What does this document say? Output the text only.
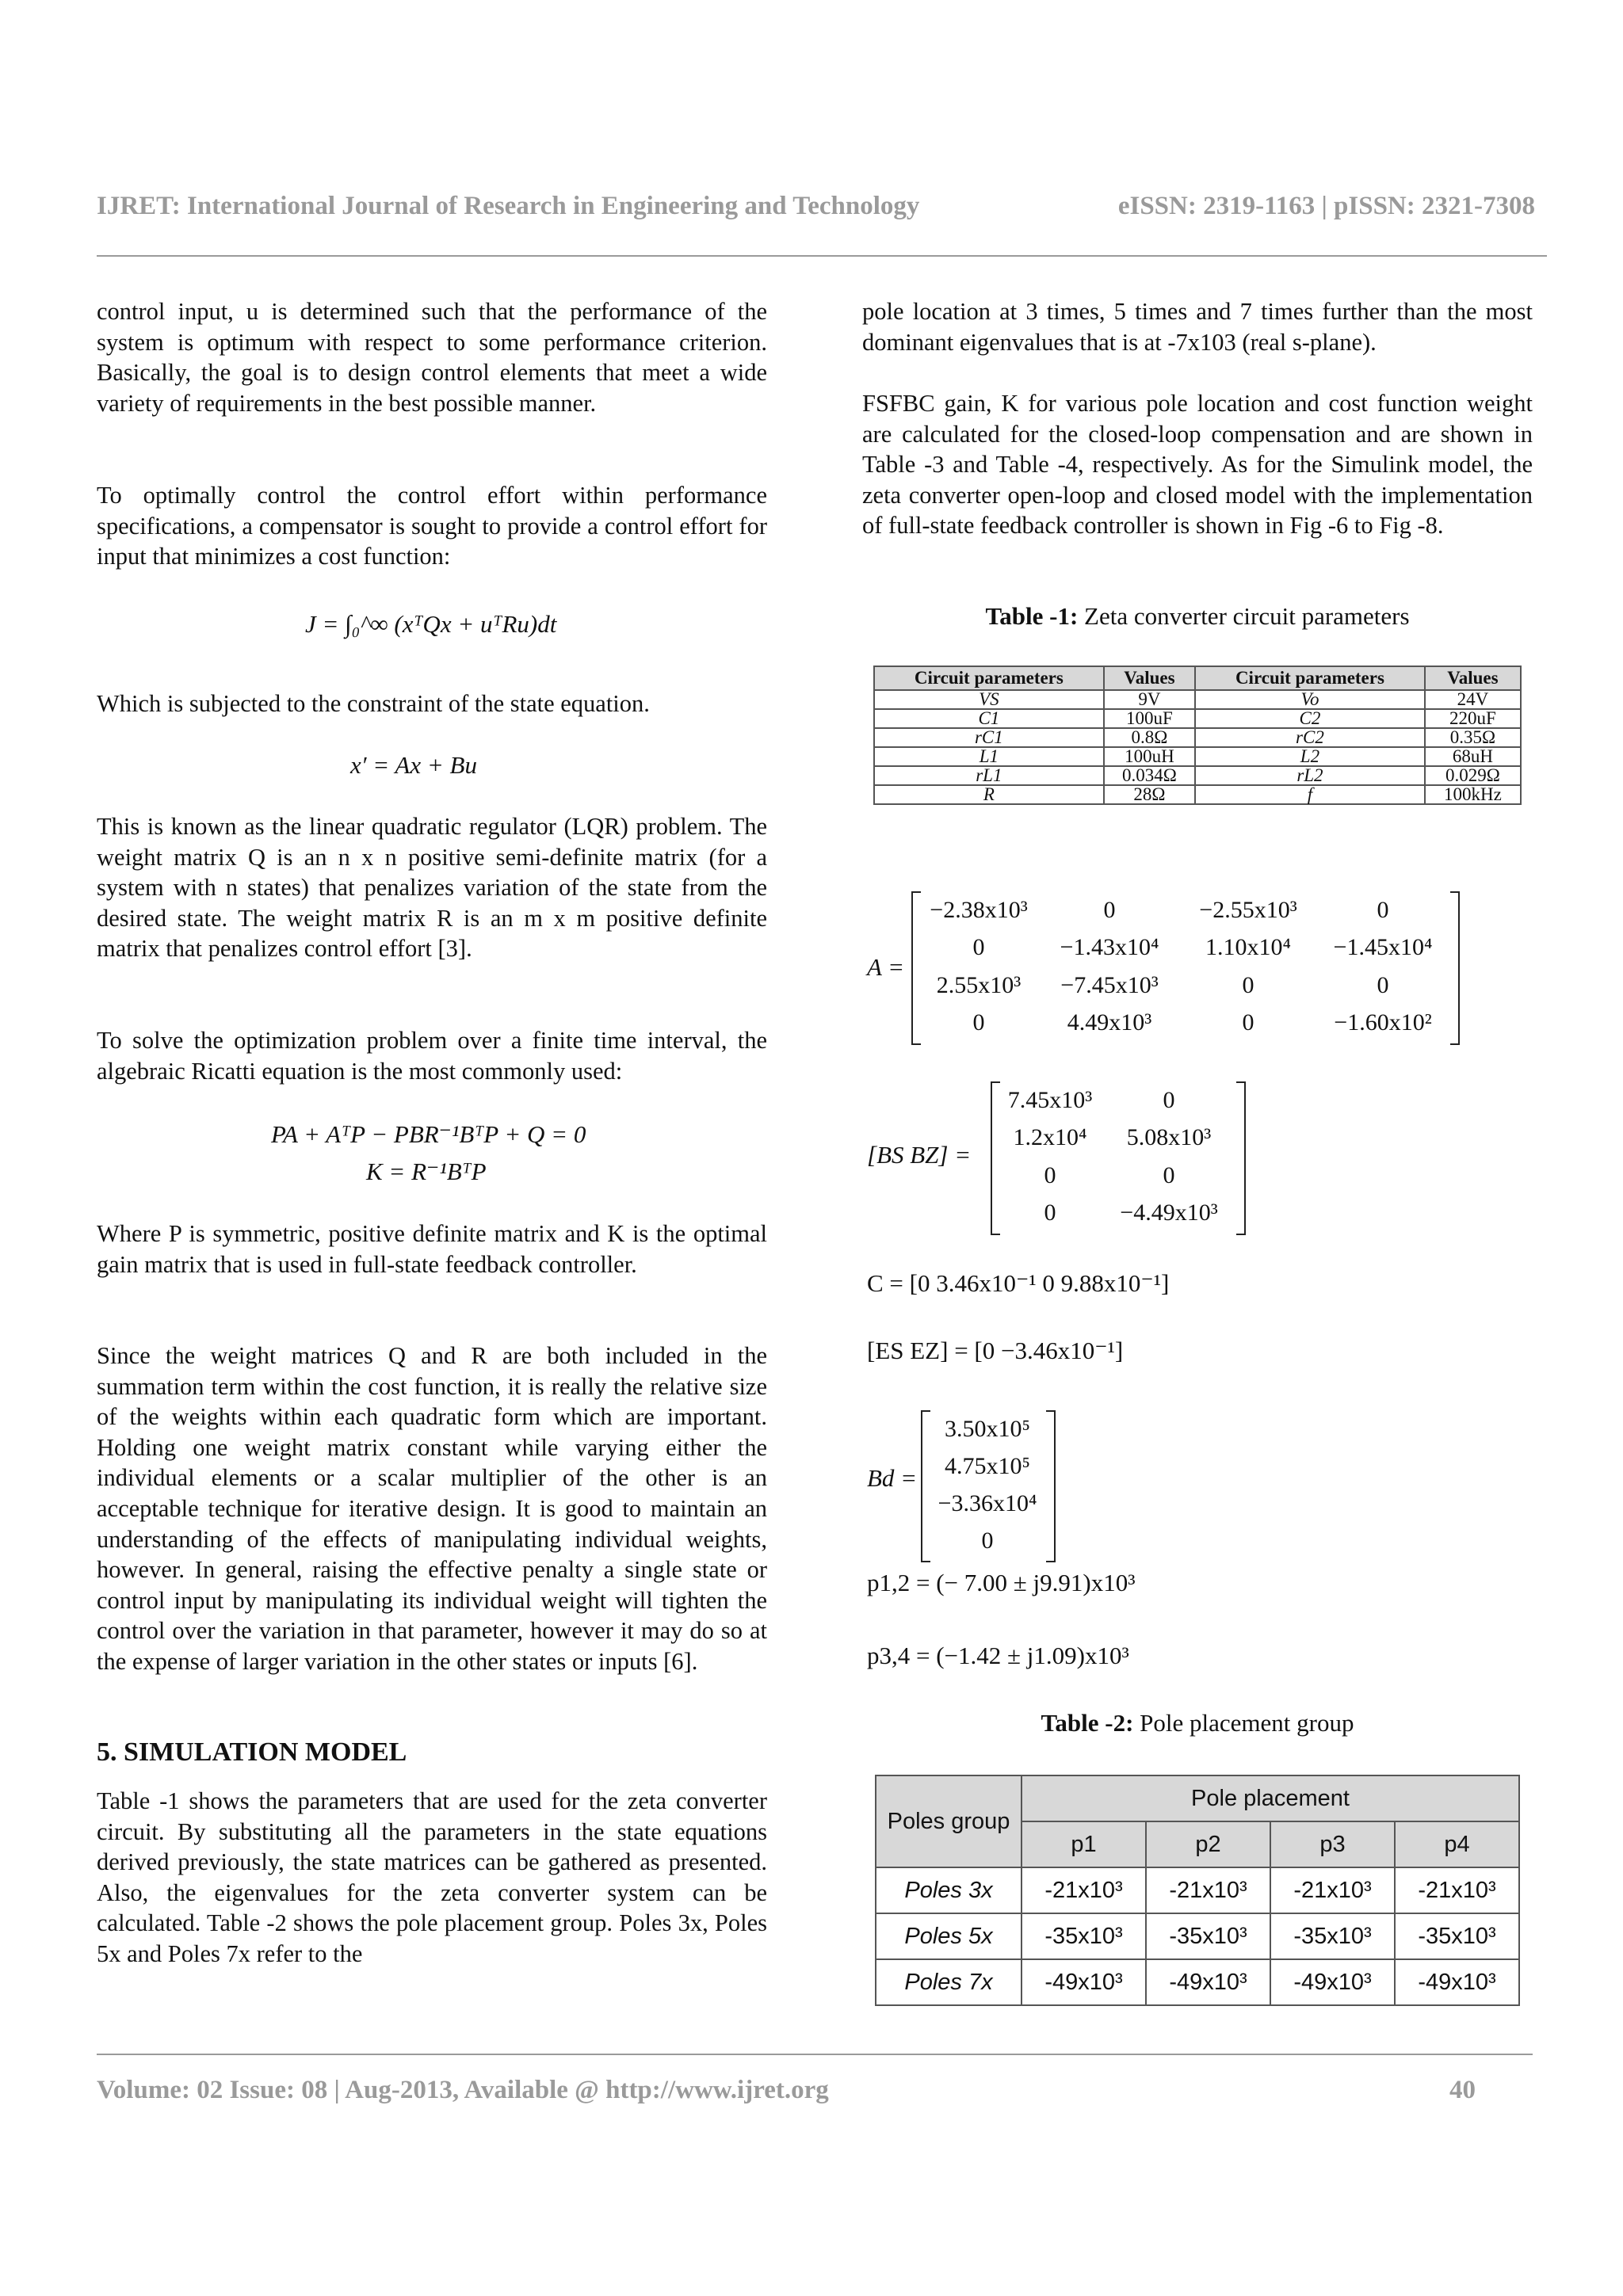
IJRET: International Journal of Research in Engineering and Technology	eISSN: 2319-1163 | pISSN: 2321-7308

control input, u is determined such that the performance of the system is optimum with respect to some performance criterion. Basically, the goal is to design control elements that meet a wide variety of requirements in the best possible manner.

To optimally control the control effort within performance specifications, a compensator is sought to provide a control effort for input that minimizes a cost function:

J = ∫₀^∞ (xᵀQx + uᵀRu)dt

Which is subjected to the constraint of the state equation.

x′ = Ax + Bu

This is known as the linear quadratic regulator (LQR) problem. The weight matrix Q is an n x n positive semi-definite matrix (for a system with n states) that penalizes variation of the state from the desired state. The weight matrix R is an m x m positive definite matrix that penalizes control effort [3].

To solve the optimization problem over a finite time interval, the algebraic Ricatti equation is the most commonly used:

PA + AᵀP − PBR⁻¹BᵀP + Q = 0
K = R⁻¹BᵀP

Where P is symmetric, positive definite matrix and K is the optimal gain matrix that is used in full-state feedback controller.

Since the weight matrices Q and R are both included in the summation term within the cost function, it is really the relative size of the weights within each quadratic form which are important. Holding one weight matrix constant while varying either the individual elements or a scalar multiplier of the other is an acceptable technique for iterative design. It is good to maintain an understanding of the effects of manipulating individual weights, however. In general, raising the effective penalty a single state or control input by manipulating its individual weight will tighten the control over the variation in that parameter, however it may do so at the expense of larger variation in the other states or inputs [6].

5. SIMULATION MODEL

Table -1 shows the parameters that are used for the zeta converter circuit. By substituting all the parameters in the state equations derived previously, the state matrices can be gathered as presented. Also, the eigenvalues for the zeta converter system can be calculated. Table -2 shows the pole placement group. Poles 3x, Poles 5x and Poles 7x refer to the

pole location at 3 times, 5 times and 7 times further than the most dominant eigenvalues that is at -7x103 (real s-plane).

FSFBC gain, K for various pole location and cost function weight are calculated for the closed-loop compensation and are shown in Table -3 and Table -4, respectively. As for the Simulink model, the zeta converter open-loop and closed model with the implementation of full-state feedback controller is shown in Fig -6 to Fig -8.

Table -1: Zeta converter circuit parameters
Circuit parameters	Values	Circuit parameters	Values
VS	9V	Vo	24V
C1	100uF	C2	220uF
rC1	0.8Ω	rC2	0.35Ω
L1	100uH	L2	68uH
rL1	0.034Ω	rL2	0.029Ω
R	28Ω	f	100kHz
A =
−2.38x10³	0	−2.55x10³	0
0	−1.43x10⁴	1.10x10⁴	−1.45x10⁴
2.55x10³	−7.45x10³	0	0
0	4.49x10³	0	−1.60x10²
[BS BZ] =
7.45x10³	0
1.2x10⁴	5.08x10³
0	0
0	−4.49x10³
C = [0 3.46x10⁻¹ 0 9.88x10⁻¹]
[ES EZ] = [0 −3.46x10⁻¹]
Bd =
3.50x10⁵
4.75x10⁵
−3.36x10⁴
0
p1,2 = (− 7.00 ± j9.91)x10³
p3,4 = (−1.42 ± j1.09)x10³
Table -2: Pole placement group
Poles group	Pole placement			
	p1	p2	p3	p4
Poles 3x	-21x10³	-21x10³	-21x10³	-21x10³
Poles 5x	-35x10³	-35x10³	-35x10³	-35x10³
Poles 7x	-49x10³	-49x10³	-49x10³	-49x10³
Volume: 02 Issue: 08 | Aug-2013, Available @ http://www.ijret.org	40
